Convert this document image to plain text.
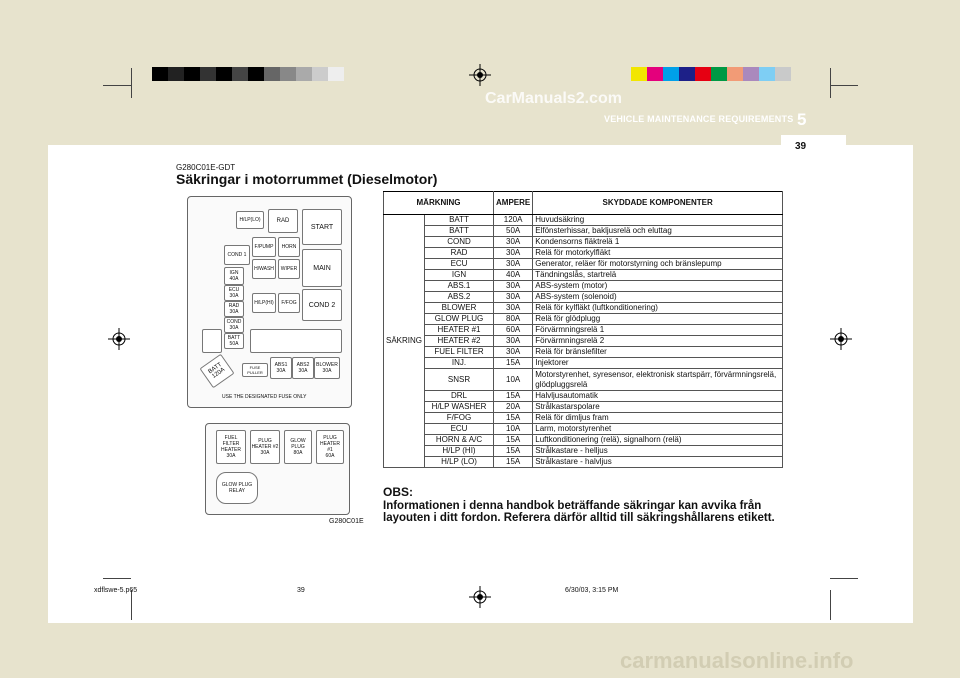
CarManuals2.com
VEHICLE MAINTENANCE REQUIREMENTS 5
39
G280C01E-GDT
Säkringar i motorrummet (Dieselmotor)
H/LP(LO)	RAD
START
COND 1
F/PUMP	HORN
MAIN
IGN 40A
ECU 30A
H/WASH	WIPER
H/LP(HI)	F/FOG	COND 2
RAD 30A
COND 30A
BATT 50A
BATT 120A	FUSE PULLER
ABS1 30A
ABS2 30A
BLOWER 30A
USE THE DESIGNATED FUSE ONLY
FUEL FILTER HEATER
30A
PLUG HEATER #2
30A
GLOW PLUG
80A
PLUG HEATER #1
60A
GLOW PLUG RELAY
G280C01E
MÄRKNING		AMPERE	SKYDDADE KOMPONENTER
SÄKRING	BATT	120A	Huvudsäkring
	BATT	50A	Elfönsterhissar, bakljusrelä och eluttag
	COND	30A	Kondensorns fläktrelä 1
	RAD	30A	Relä för motorkylfläkt
	ECU	30A	Generator, reläer för motorstyrning och bränslepump
	IGN	40A	Tändningslås, startrelä
	ABS.1	30A	ABS-system (motor)
	ABS.2	30A	ABS-system (solenoid)
	BLOWER	30A	Relä för kylfläkt (luftkonditionering)
	GLOW PLUG	80A	Relä för glödplugg
	HEATER #1	60A	Förvärmningsrelä 1
	HEATER #2	30A	Förvärmningsrelä 2
	FUEL FILTER	30A	Relä för bränslefilter
	INJ.	15A	Injektorer
	SNSR	10A	Motorstyrenhet, syresensor, elektronisk startspärr, förvärmningsrelä, glödpluggsrelä
	DRL	15A	Halvljusautomatik
	H/LP WASHER	20A	Strålkastarspolare
	F/FOG	15A	Relä för dimljus fram
	ECU	10A	Larm, motorstyrenhet
	HORN & A/C	15A	Luftkonditionering (relä), signalhorn (relä)
	H/LP (HI)	15A	Strålkastare - helljus
	H/LP (LO)	15A	Strålkastare - halvljus
OBS:
Informationen i denna handbok beträffande säkringar kan avvika från layouten i ditt fordon. Referera därför alltid till säkringshållarens etikett.
xdflswe-5.p65	39	6/30/03, 3:15 PM
carmanualsonline.info
